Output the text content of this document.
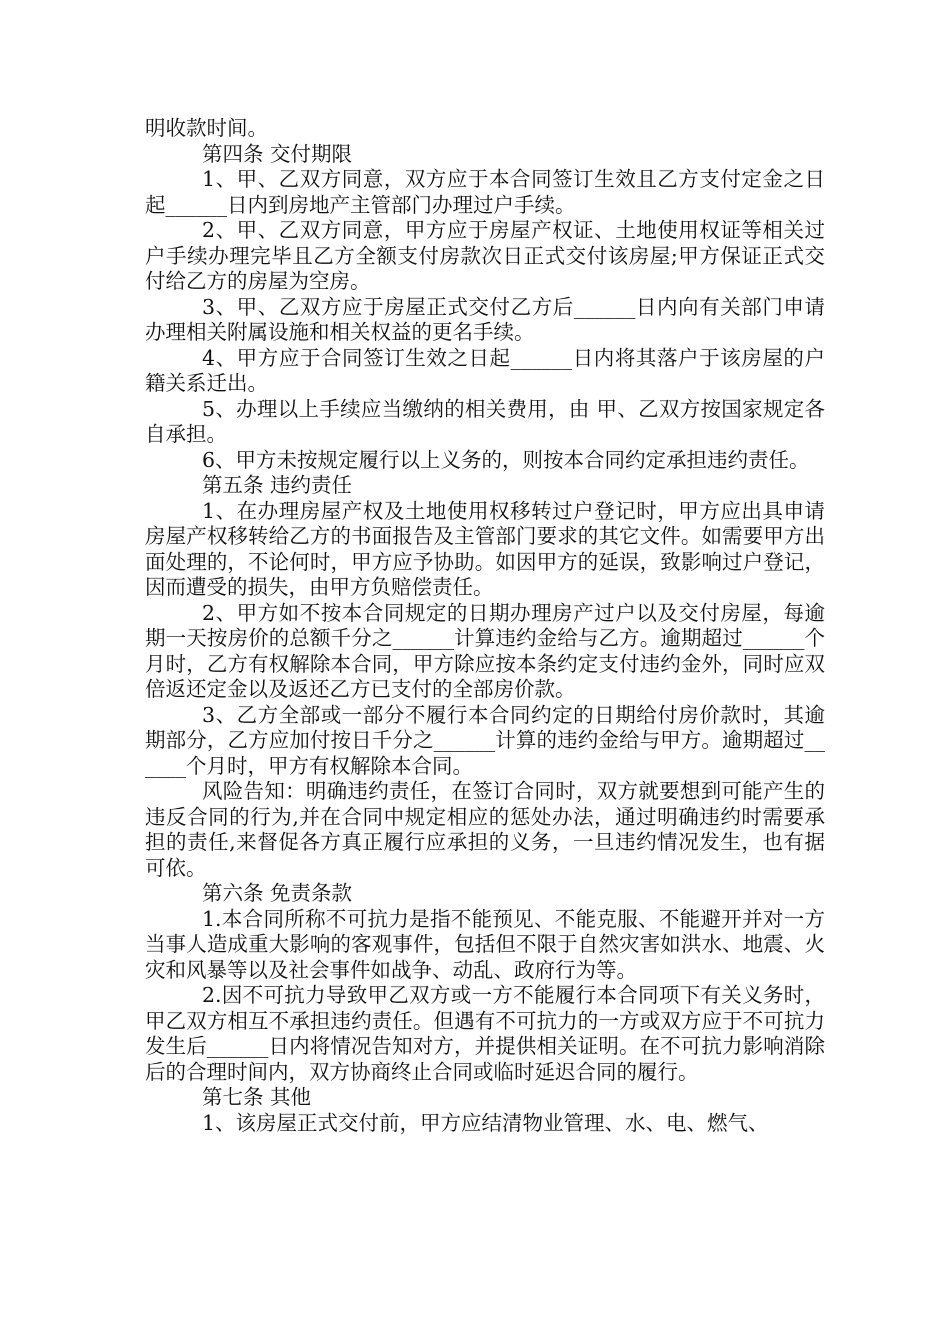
明收款时间。

第四条 交付期限

1、甲、乙双方同意，双方应于本合同签订生效且乙方支付定金之日起______日内到房地产主管部门办理过户手续。

2、甲、乙双方同意，甲方应于房屋产权证、土地使用权证等相关过户手续办理完毕且乙方全额支付房款次日正式交付该房屋;甲方保证正式交付给乙方的房屋为空房。

3、甲、乙双方应于房屋正式交付乙方后______日内向有关部门申请办理相关附属设施和相关权益的更名手续。

4、甲方应于合同签订生效之日起______日内将其落户于该房屋的户籍关系迁出。

5、办理以上手续应当缴纳的相关费用，由 甲、乙双方按国家规定各自承担。

6、甲方未按规定履行以上义务的，则按本合同约定承担违约责任。

第五条 违约责任

1、在办理房屋产权及土地使用权移转过户登记时，甲方应出具申请房屋产权移转给乙方的书面报告及主管部门要求的其它文件。如需要甲方出面处理的，不论何时，甲方应予协助。如因甲方的延误，致影响过户登记，因而遭受的损失，由甲方负赔偿责任。

2、甲方如不按本合同规定的日期办理房产过户以及交付房屋，每逾期一天按房价的总额千分之______计算违约金给与乙方。逾期超过______个月时，乙方有权解除本合同，甲方除应按本条约定支付违约金外，同时应双倍返还定金以及返还乙方已支付的全部房价款。

3、乙方全部或一部分不履行本合同约定的日期给付房价款时，其逾期部分，乙方应加付按日千分之______计算的违约金给与甲方。逾期超过______个月时，甲方有权解除本合同。

风险告知：明确违约责任，在签订合同时，双方就要想到可能产生的违反合同的行为,并在合同中规定相应的惩处办法，通过明确违约时需要承担的责任,来督促各方真正履行应承担的义务，一旦违约情况发生，也有据可依。

第六条 免责条款

1.本合同所称不可抗力是指不能预见、不能克服、不能避开并对一方当事人造成重大影响的客观事件，包括但不限于自然灾害如洪水、地震、火灾和风暴等以及社会事件如战争、动乱、政府行为等。

2.因不可抗力导致甲乙双方或一方不能履行本合同项下有关义务时，甲乙双方相互不承担违约责任。但遇有不可抗力的一方或双方应于不可抗力发生后______日内将情况告知对方，并提供相关证明。在不可抗力影响消除后的合理时间内，双方协商终止合同或临时延迟合同的履行。

第七条 其他

1、该房屋正式交付前，甲方应结清物业管理、水、电、燃气、
